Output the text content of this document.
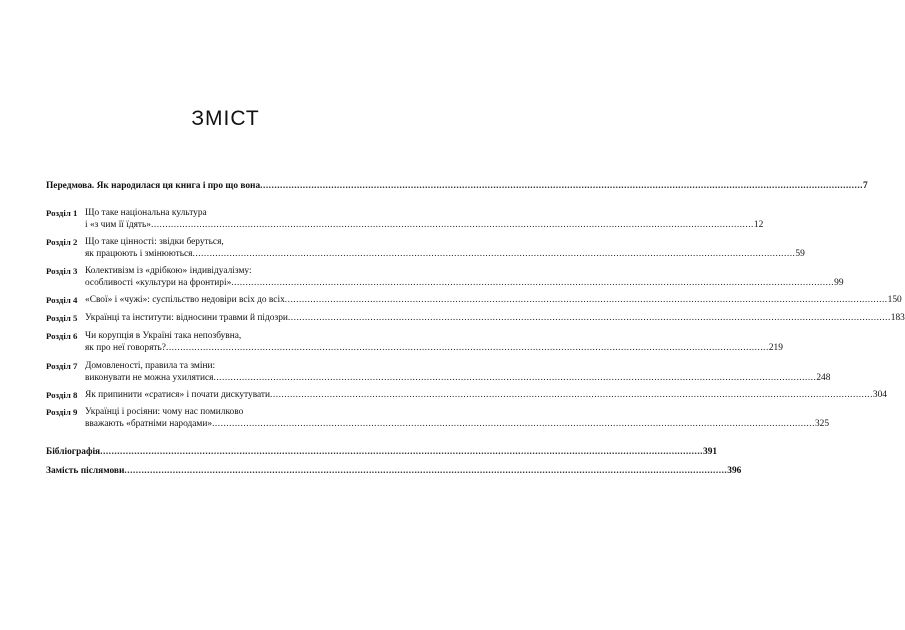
ЗМІСТ
Передмова. Як народилася ця книга і про що вона .................................................................................................................................................................................................................... 7
Розділ 1 Що таке національна культура
і «з чим її їдять» .................................................................................................................................................................................................................... 12
Розділ 2 Що таке цінності: звідки беруться,
як працюють і змінюються .................................................................................................................................................................................................................... 59
Розділ 3 Колективізм із «дрібкою» індивідуалізму:
особливості «культури на фронтирі» .................................................................................................................................................................................................................... 99
Розділ 4 «Свої» і «чужі»: суспільство недовіри всіх до всіх .................................................................................................................................................................................................................... 150
Розділ 5 Українці та інститути: відносини травми й підозри .................................................................................................................................................................................................................... 183
Розділ 6 Чи корупція в Україні така непозбувна,
як про неї говорять? .................................................................................................................................................................................................................... 219
Розділ 7 Домовленості, правила та зміни:
виконувати не можна ухилятися .................................................................................................................................................................................................................... 248
Розділ 8 Як припинити «сратися» і почати дискутувати .................................................................................................................................................................................................................... 304
Розділ 9 Українці і росіяни: чому нас помилково
вважають «братніми народами» .................................................................................................................................................................................................................... 325
Бібліографія .................................................................................................................................................................................................................... 391
Замість післямови .................................................................................................................................................................................................................... 396
